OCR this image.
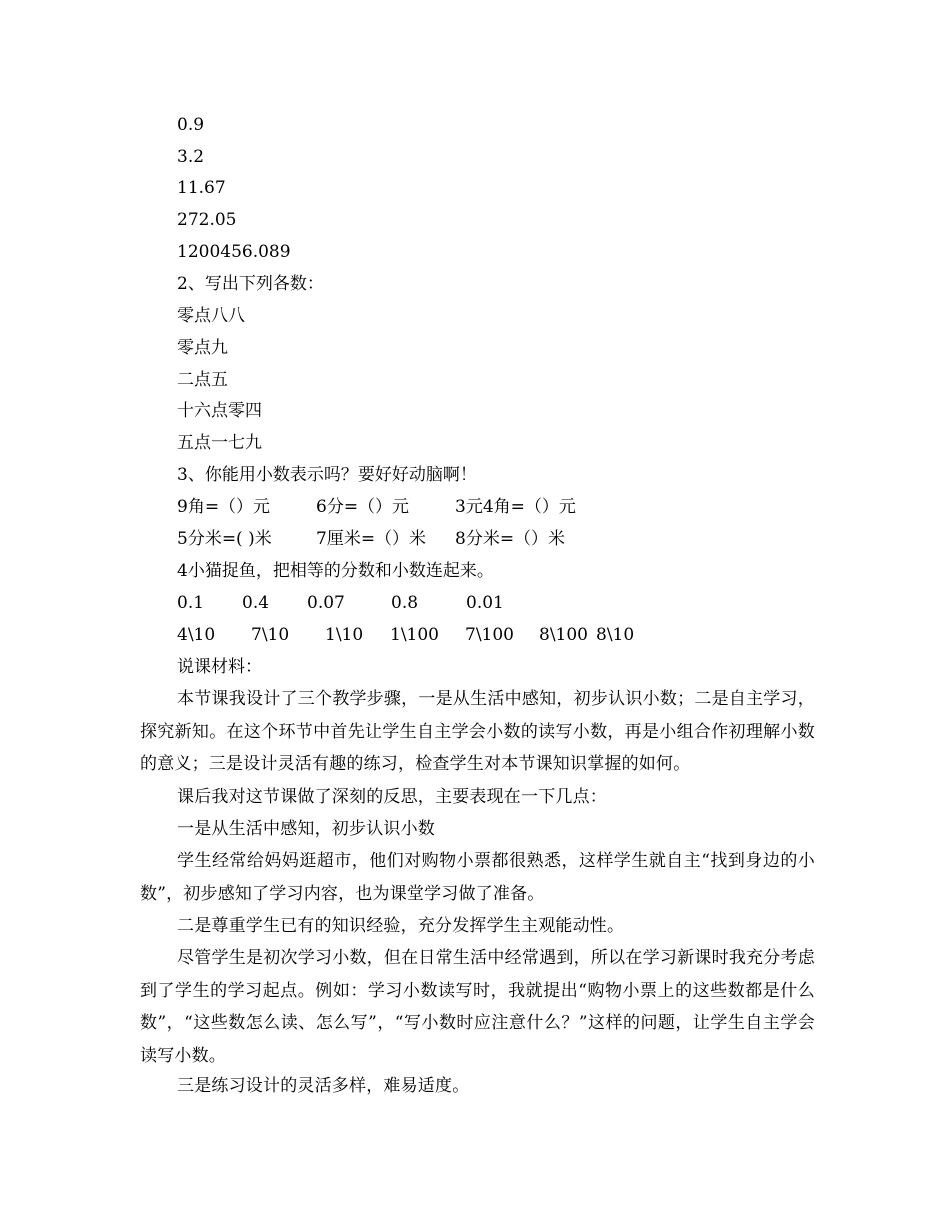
0.9

3.2

11.67

272.05

1200456.089

2、写出下列各数：

零点八八

零点九

二点五

十六点零四

五点一七九

3、你能用小数表示吗？要好好动脑啊！

9角=（）元	6分=（）元	3元4角=（）元
5分米=( )米	7厘米=（）米	8分米=（）米

4小猫捉鱼，把相等的分数和小数连起来。

0.1	0.4	0.07	0.8	0.01
4\10	7\10	1\10	1\100	7\100	8\100 8\10

说课材料：

本节课我设计了三个教学步骤，一是从生活中感知，初步认识小数；二是自主学习，探究新知。在这个环节中首先让学生自主学会小数的读写小数，再是小组合作初理解小数的意义；三是设计灵活有趣的练习，检查学生对本节课知识掌握的如何。

课后我对这节课做了深刻的反思，主要表现在一下几点：

一是从生活中感知，初步认识小数

学生经常给妈妈逛超市，他们对购物小票都很熟悉，这样学生就自主“找到身边的小数”，初步感知了学习内容，也为课堂学习做了准备。

二是尊重学生已有的知识经验，充分发挥学生主观能动性。

尽管学生是初次学习小数，但在日常生活中经常遇到，所以在学习新课时我充分考虑到了学生的学习起点。例如：学习小数读写时，我就提出“购物小票上的这些数都是什么数”，“这些数怎么读、怎么写”，“写小数时应注意什么？”这样的问题，让学生自主学会读写小数。

三是练习设计的灵活多样，难易适度。
